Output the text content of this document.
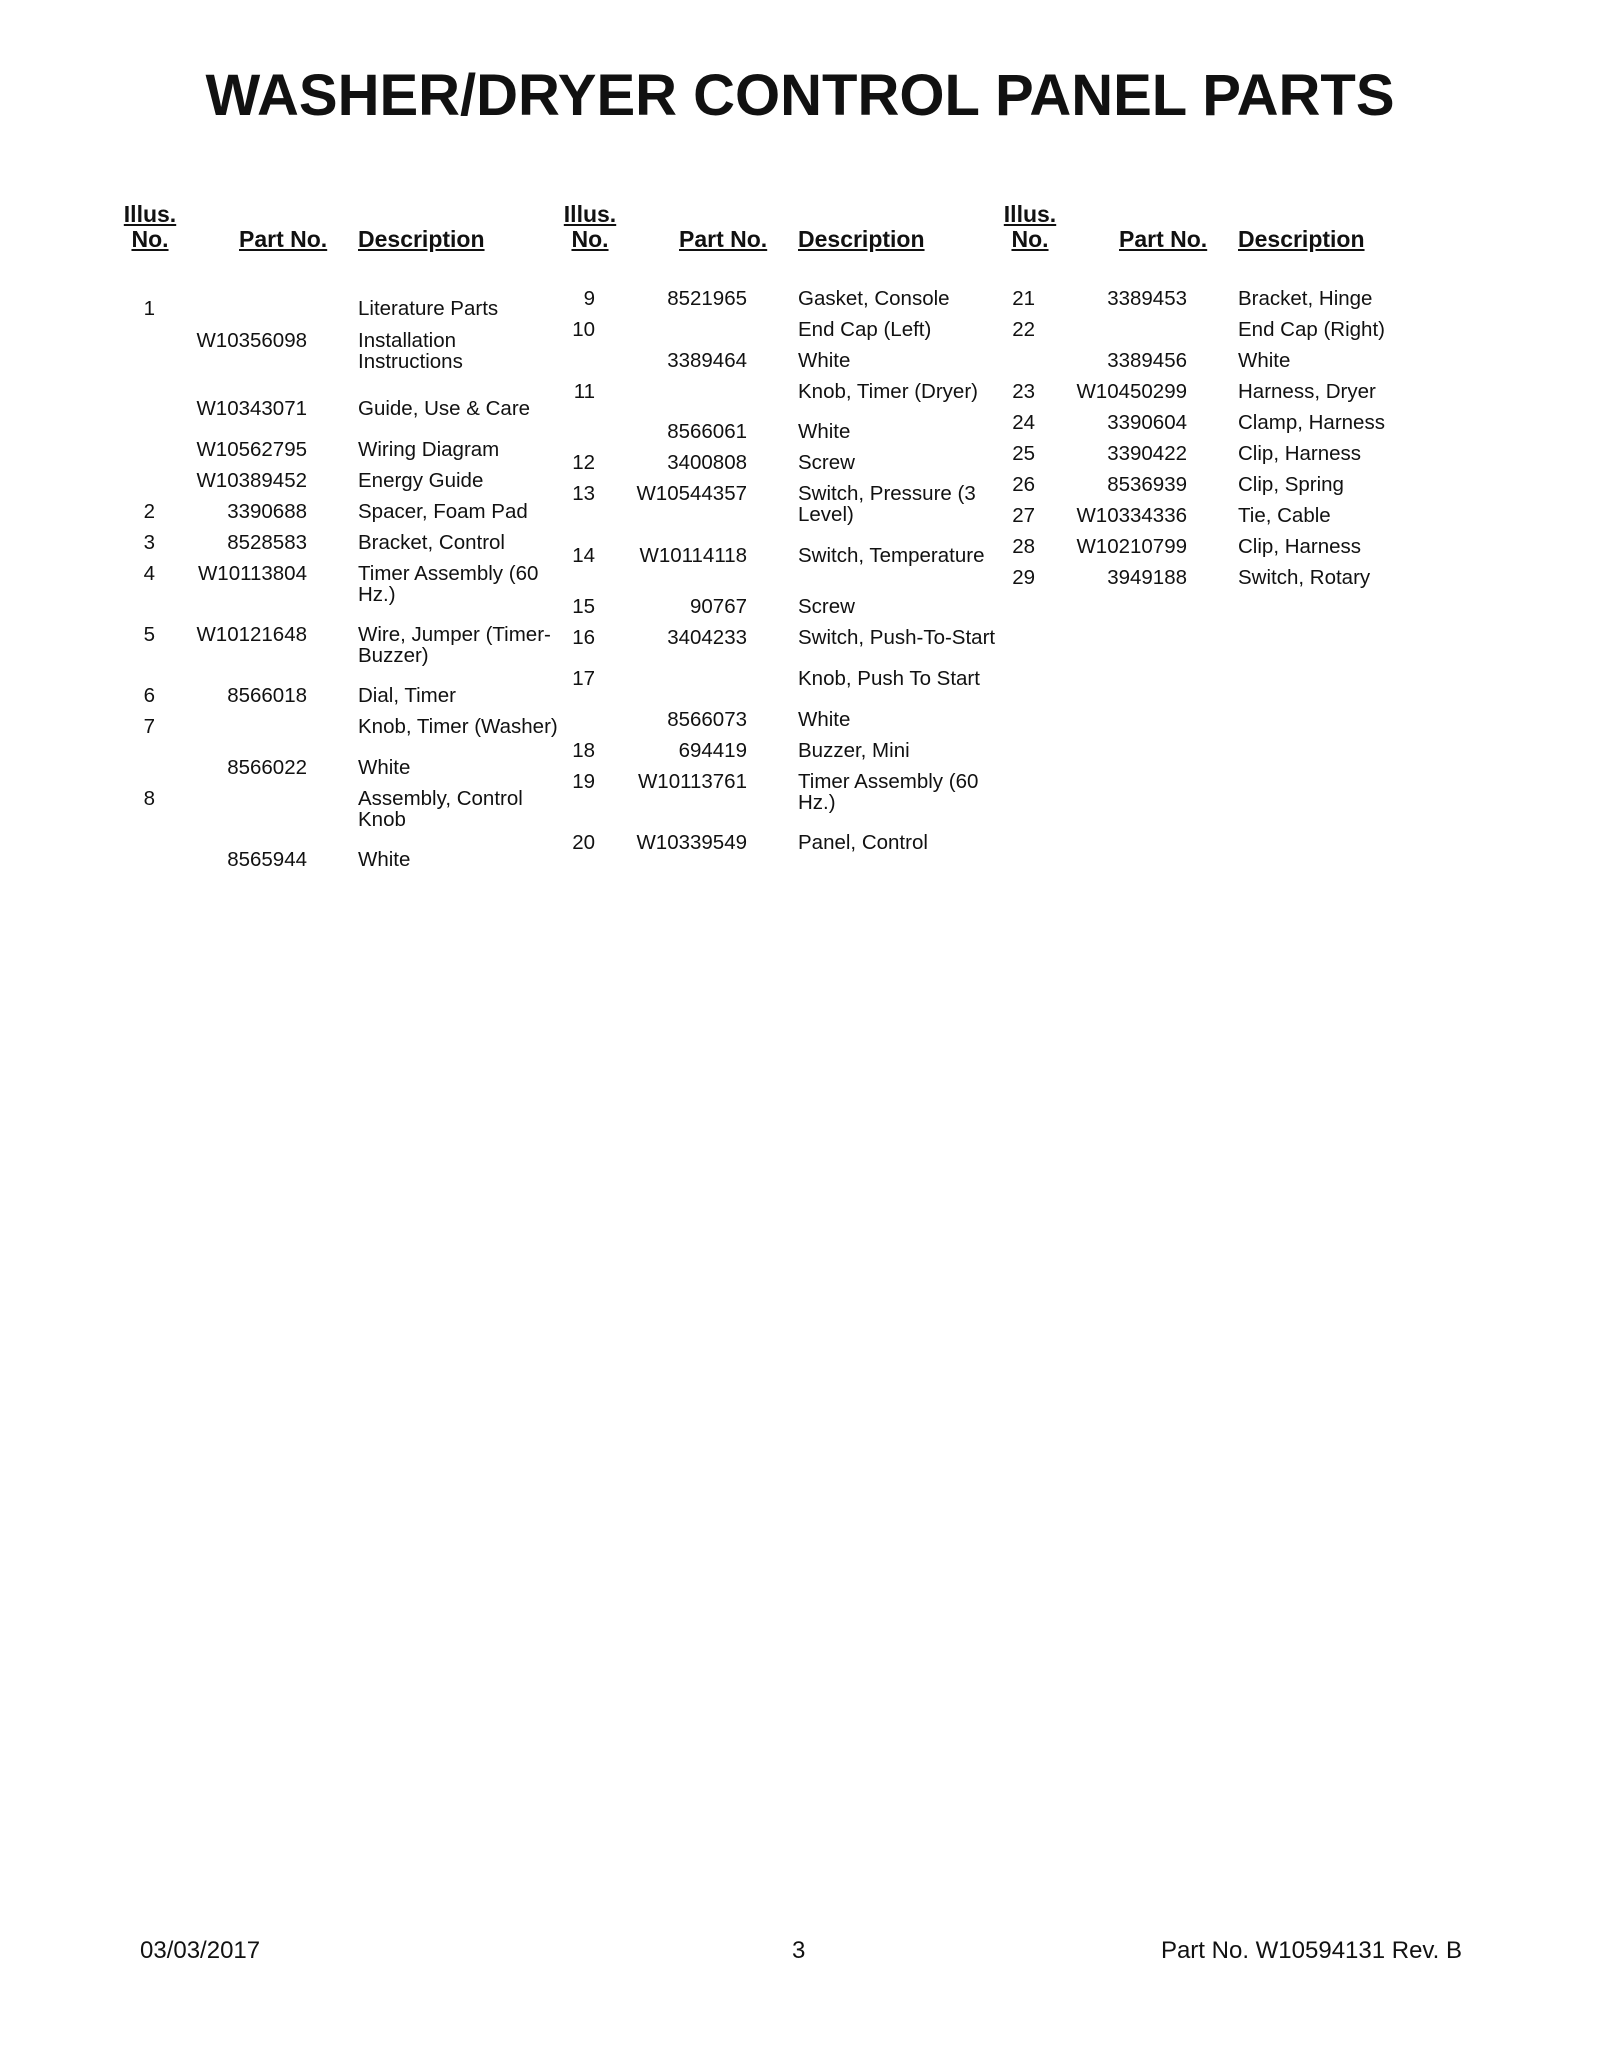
WASHER/DRYER CONTROL PANEL PARTS
Illus.
No.	Part No. Description
1	Literature Parts
W10356098 Installation Instructions
W10343071 Guide, Use & Care
W10562795 Wiring Diagram
W10389452 Energy Guide
2	3390688 Spacer, Foam Pad
3	8528583 Bracket, Control
4 W10113804 Timer Assembly (60 Hz.)
5 W10121648 Wire, Jumper (Timer-Buzzer)
6	8566018 Dial, Timer
7	Knob, Timer (Washer)
8566022 White
8	Assembly, Control Knob
8565944 White
Illus.
No.	Part No. Description
9	8521965 Gasket, Console
10	End Cap (Left)
3389464 White
11	Knob, Timer (Dryer)
8566061 White
12	3400808 Screw
13 W10544357 Switch, Pressure (3 Level)
14	W10114118 Switch, Temperature
15	90767 Screw
16	3404233 Switch, Push-To-Start
17	Knob, Push To Start
8566073 White
18	694419 Buzzer, Mini
19 W10113761 Timer Assembly (60 Hz.)
20 W10339549 Panel, Control
Illus.
No.	Part No. Description
21	3389453 Bracket, Hinge
22	End Cap (Right)
3389456 White
23 W10450299 Harness, Dryer
24	3390604 Clamp, Harness
25	3390422 Clip, Harness
26	8536939 Clip, Spring
27 W10334336 Tie, Cable
28 W10210799 Clip, Harness
29	3949188 Switch, Rotary
03/03/2017	3	Part No. W10594131 Rev. B
